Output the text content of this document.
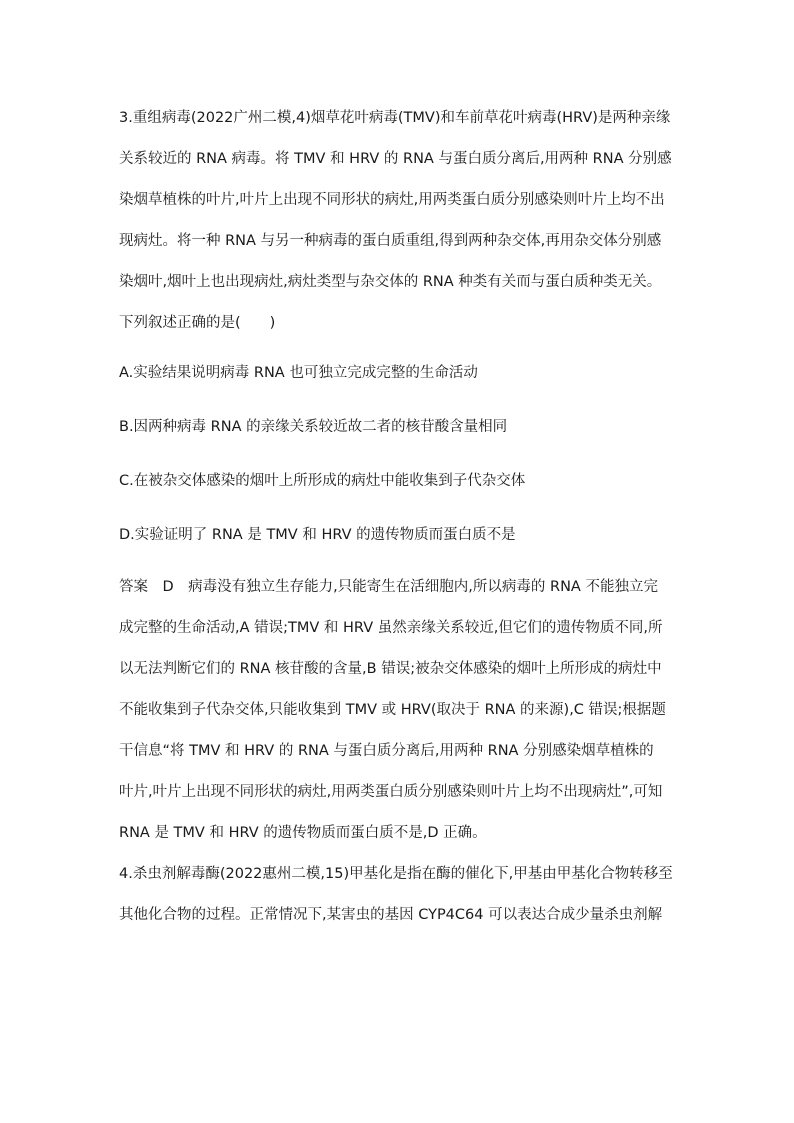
3.重组病毒(2022广州二模,4)烟草花叶病毒(TMV)和车前草花叶病毒(HRV)是两种亲缘
关系较近的 RNA 病毒。将 TMV 和 HRV 的 RNA 与蛋白质分离后,用两种 RNA 分别感
染烟草植株的叶片,叶片上出现不同形状的病灶,用两类蛋白质分别感染则叶片上均不出
现病灶。将一种 RNA 与另一种病毒的蛋白质重组,得到两种杂交体,再用杂交体分别感
染烟叶,烟叶上也出现病灶,病灶类型与杂交体的 RNA 种类有关而与蛋白质种类无关。
下列叙述正确的是(　　)

A.实验结果说明病毒 RNA 也可独立完成完整的生命活动
B.因两种病毒 RNA 的亲缘关系较近故二者的核苷酸含量相同
C.在被杂交体感染的烟叶上所形成的病灶中能收集到子代杂交体
D.实验证明了 RNA 是 TMV 和 HRV 的遗传物质而蛋白质不是

答案　D　病毒没有独立生存能力,只能寄生在活细胞内,所以病毒的 RNA 不能独立完
成完整的生命活动,A 错误;TMV 和 HRV 虽然亲缘关系较近,但它们的遗传物质不同,所
以无法判断它们的 RNA 核苷酸的含量,B 错误;被杂交体感染的烟叶上所形成的病灶中
不能收集到子代杂交体,只能收集到 TMV 或 HRV(取决于 RNA 的来源),C 错误;根据题
干信息“将 TMV 和 HRV 的 RNA 与蛋白质分离后,用两种 RNA 分别感染烟草植株的
叶片,叶片上出现不同形状的病灶,用两类蛋白质分别感染则叶片上均不出现病灶”,可知
RNA 是 TMV 和 HRV 的遗传物质而蛋白质不是,D 正确。

4.杀虫剂解毒酶(2022惠州二模,15)甲基化是指在酶的催化下,甲基由甲基化合物转移至
其他化合物的过程。正常情况下,某害虫的基因 CYP4C64 可以表达合成少量杀虫剂解
